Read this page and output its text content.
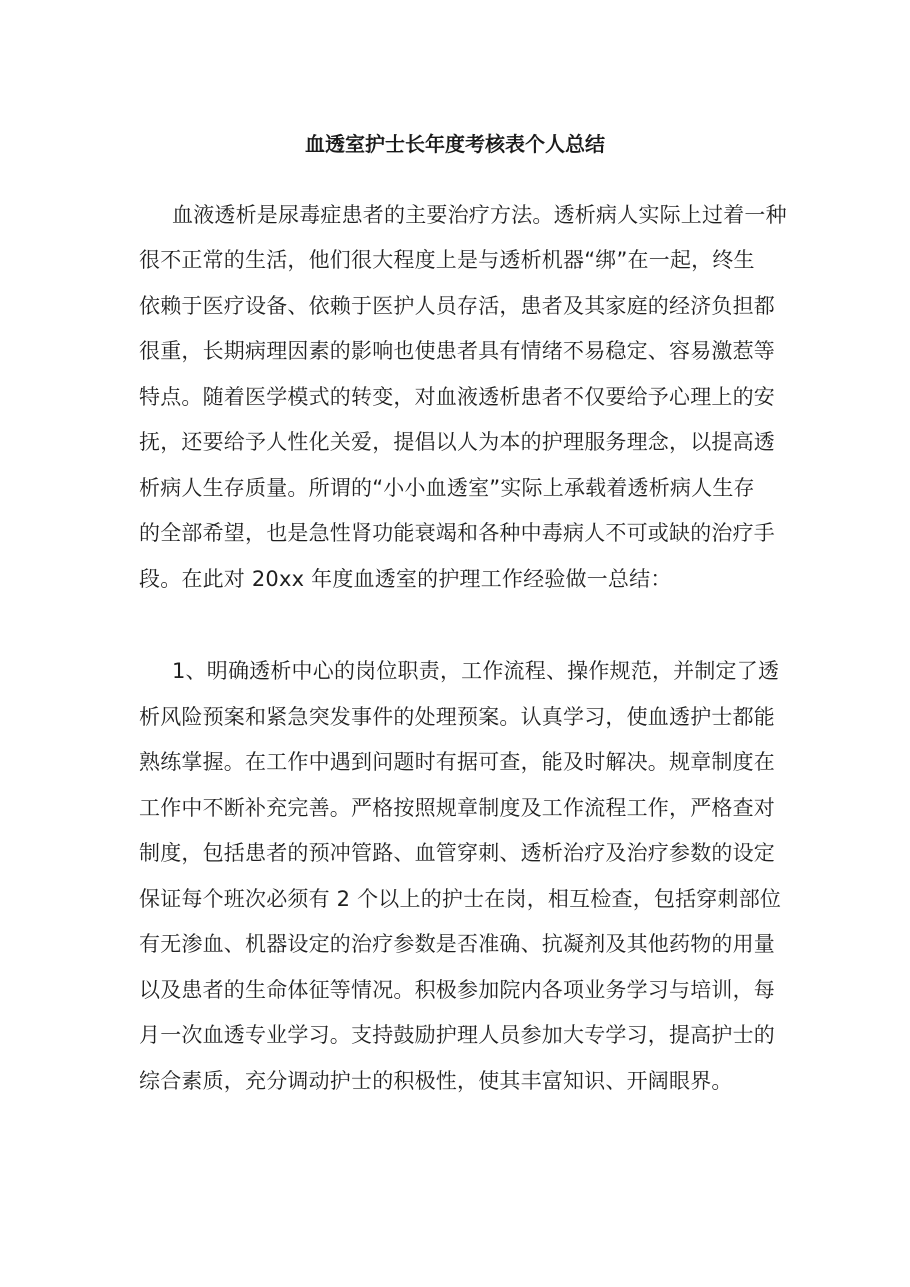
血透室护士长年度考核表个人总结
血液透析是尿毒症患者的主要治疗方法。透析病人实际上过着一种
很不正常的生活，他们很大程度上是与透析机器“绑”在一起，终生
依赖于医疗设备、依赖于医护人员存活，患者及其家庭的经济负担都
很重，长期病理因素的影响也使患者具有情绪不易稳定、容易激惹等
特点。随着医学模式的转变，对血液透析患者不仅要给予心理上的安
抚，还要给予人性化关爱，提倡以人为本的护理服务理念，以提高透
析病人生存质量。所谓的“小小血透室”实际上承载着透析病人生存
的全部希望，也是急性肾功能衰竭和各种中毒病人不可或缺的治疗手
段。在此对 20xx 年度血透室的护理工作经验做一总结：
1、明确透析中心的岗位职责，工作流程、操作规范，并制定了透
析风险预案和紧急突发事件的处理预案。认真学习，使血透护士都能
熟练掌握。在工作中遇到问题时有据可查，能及时解决。规章制度在
工作中不断补充完善。严格按照规章制度及工作流程工作，严格查对
制度，包括患者的预冲管路、血管穿刺、透析治疗及治疗参数的设定
保证每个班次必须有 2 个以上的护士在岗，相互检查，包括穿刺部位
有无渗血、机器设定的治疗参数是否准确、抗凝剂及其他药物的用量
以及患者的生命体征等情况。积极参加院内各项业务学习与培训，每
月一次血透专业学习。支持鼓励护理人员参加大专学习，提高护士的
综合素质，充分调动护士的积极性，使其丰富知识、开阔眼界。
